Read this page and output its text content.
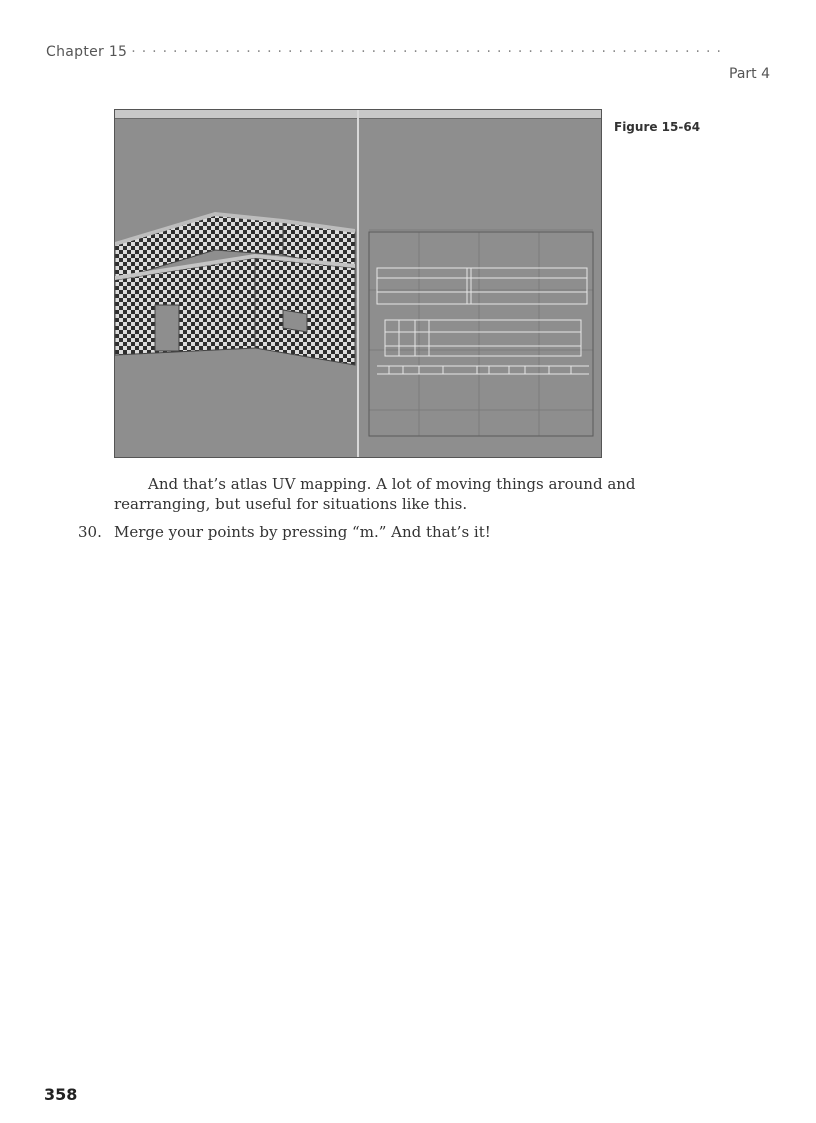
Chapter 15 ·························································
Part 4
Figure 15-64

And that’s atlas UV mapping. A lot of moving things around and rearranging, but useful for situations like this.

30. Merge your points by pressing “m.” And that’s it!
358
